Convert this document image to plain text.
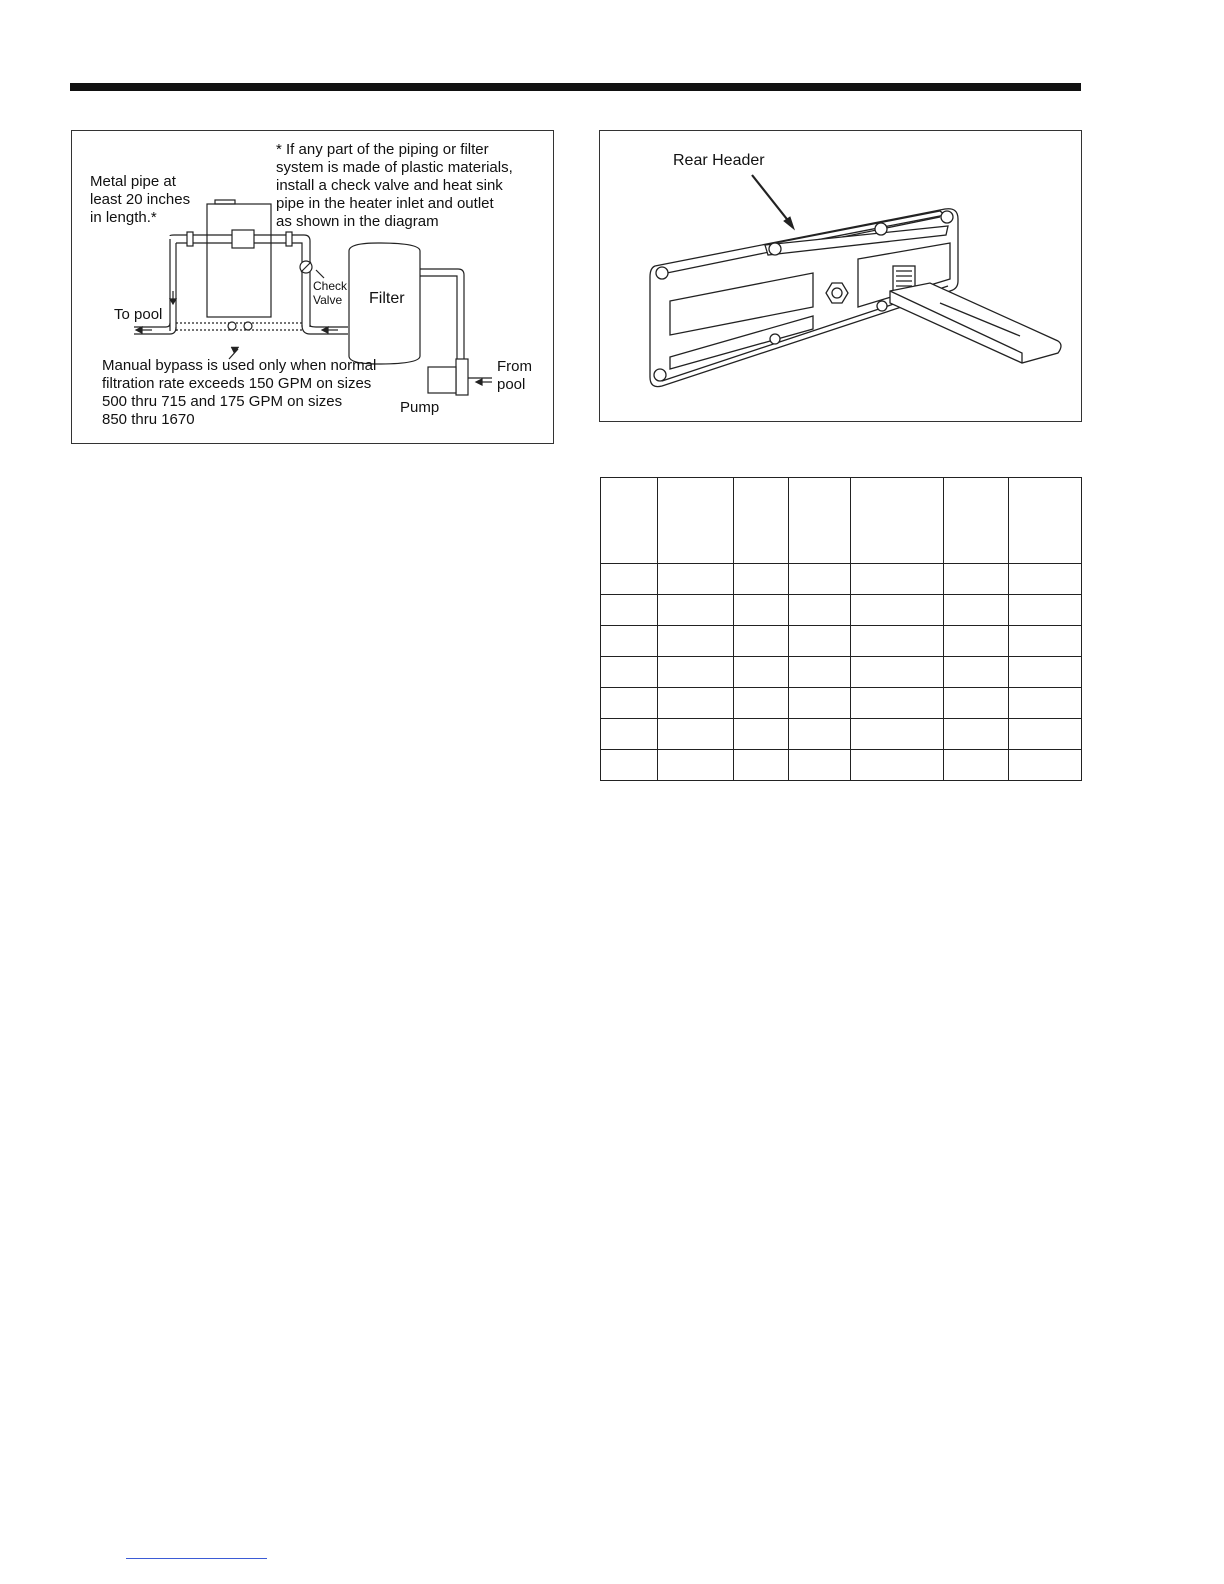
Metal pipe at
least 20 inches
in length.*
* If any part of the piping or filter
system is made of plastic materials,
install a check valve and heat sink
pipe in the heater inlet and outlet
as shown in the diagram
Check
Valve	Filter
To pool
From
pool
Pump
Manual bypass is used only when normal
filtration rate exceeds 150 GPM on sizes
500 thru 715 and 175 GPM on sizes
850 thru 1670
Rear Header
